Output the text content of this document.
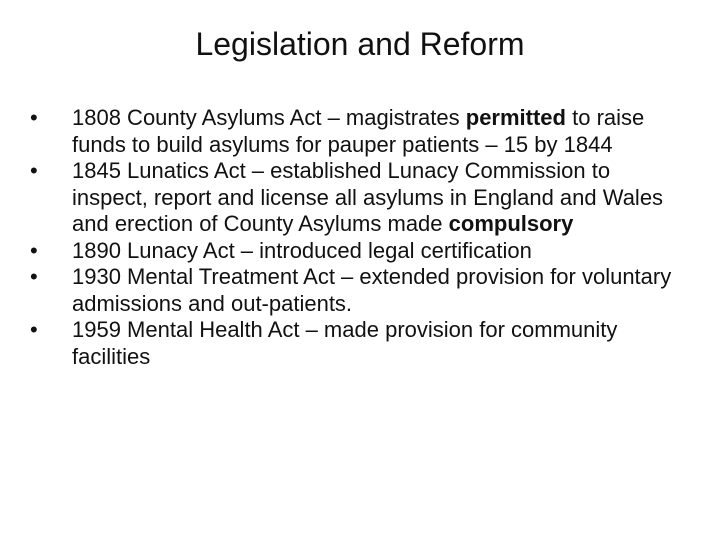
Legislation and Reform
• 1808 County Asylums Act – magistrates permitted to raise funds to build asylums for pauper patients – 15 by 1844
• 1845 Lunatics Act – established Lunacy Commission to inspect, report and license all asylums in England and Wales and erection of County Asylums made compulsory
• 1890 Lunacy Act – introduced legal certification
• 1930 Mental Treatment Act – extended provision for voluntary admissions and out-patients.
• 1959 Mental Health Act – made provision for community facilities
